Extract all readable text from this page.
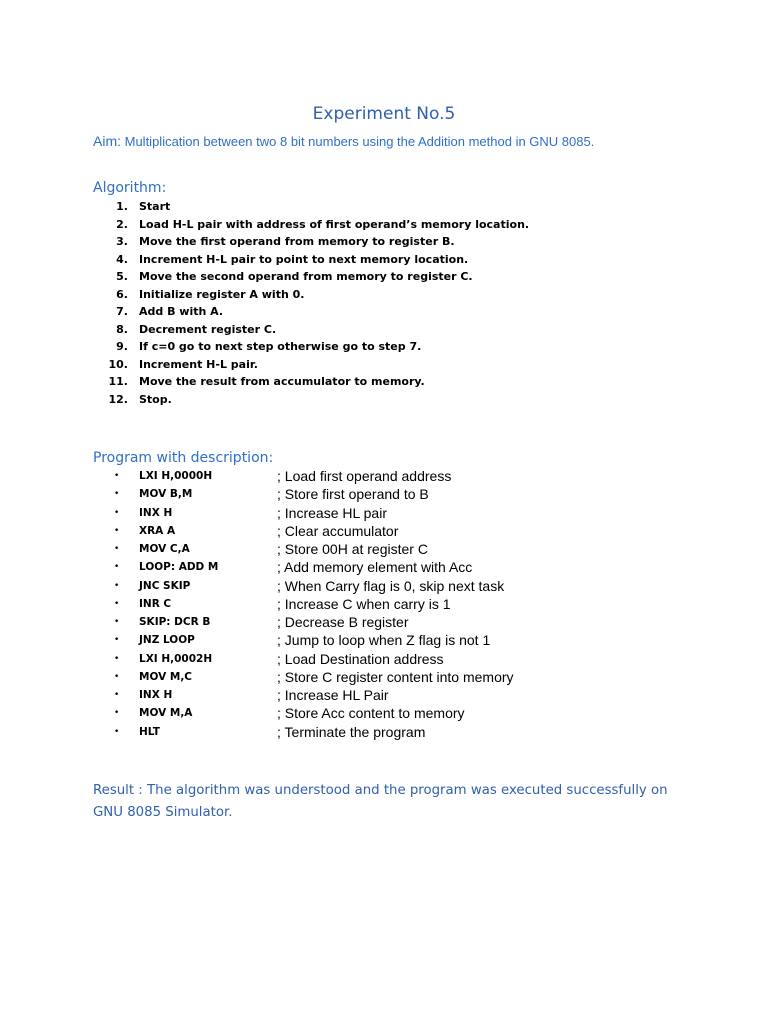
Experiment No.5
Aim: Multiplication between two 8 bit numbers using the Addition method in GNU 8085.
Algorithm:
1. Start
2. Load H-L pair with address of first operand’s memory location.
3. Move the first operand from memory to register B.
4. Increment H-L pair to point to next memory location.
5. Move the second operand from memory to register C.
6. Initialize register A with 0.
7. Add B with A.
8. Decrement register C.
9. If c=0 go to next step otherwise go to step 7.
10. Increment H-L pair.
11. Move the result from accumulator to memory.
12. Stop.
Program with description:
• LXI H,0000H	; Load first operand address
• MOV B,M	; Store first operand to B
• INX H	; Increase HL pair
• XRA A	; Clear accumulator
• MOV C,A	; Store 00H at register C
• LOOP: ADD M	; Add memory element with Acc
• JNC SKIP	; When Carry flag is 0, skip next task
• INR C	; Increase C when carry is 1
• SKIP: DCR B	; Decrease B register
• JNZ LOOP	; Jump to loop when Z flag is not 1
• LXI H,0002H	; Load Destination address
• MOV M,C	; Store C register content into memory
• INX H	; Increase HL Pair
• MOV M,A	; Store Acc content to memory
• HLT	; Terminate the program
Result : The algorithm was understood and the program was executed successfully on
GNU 8085 Simulator.
